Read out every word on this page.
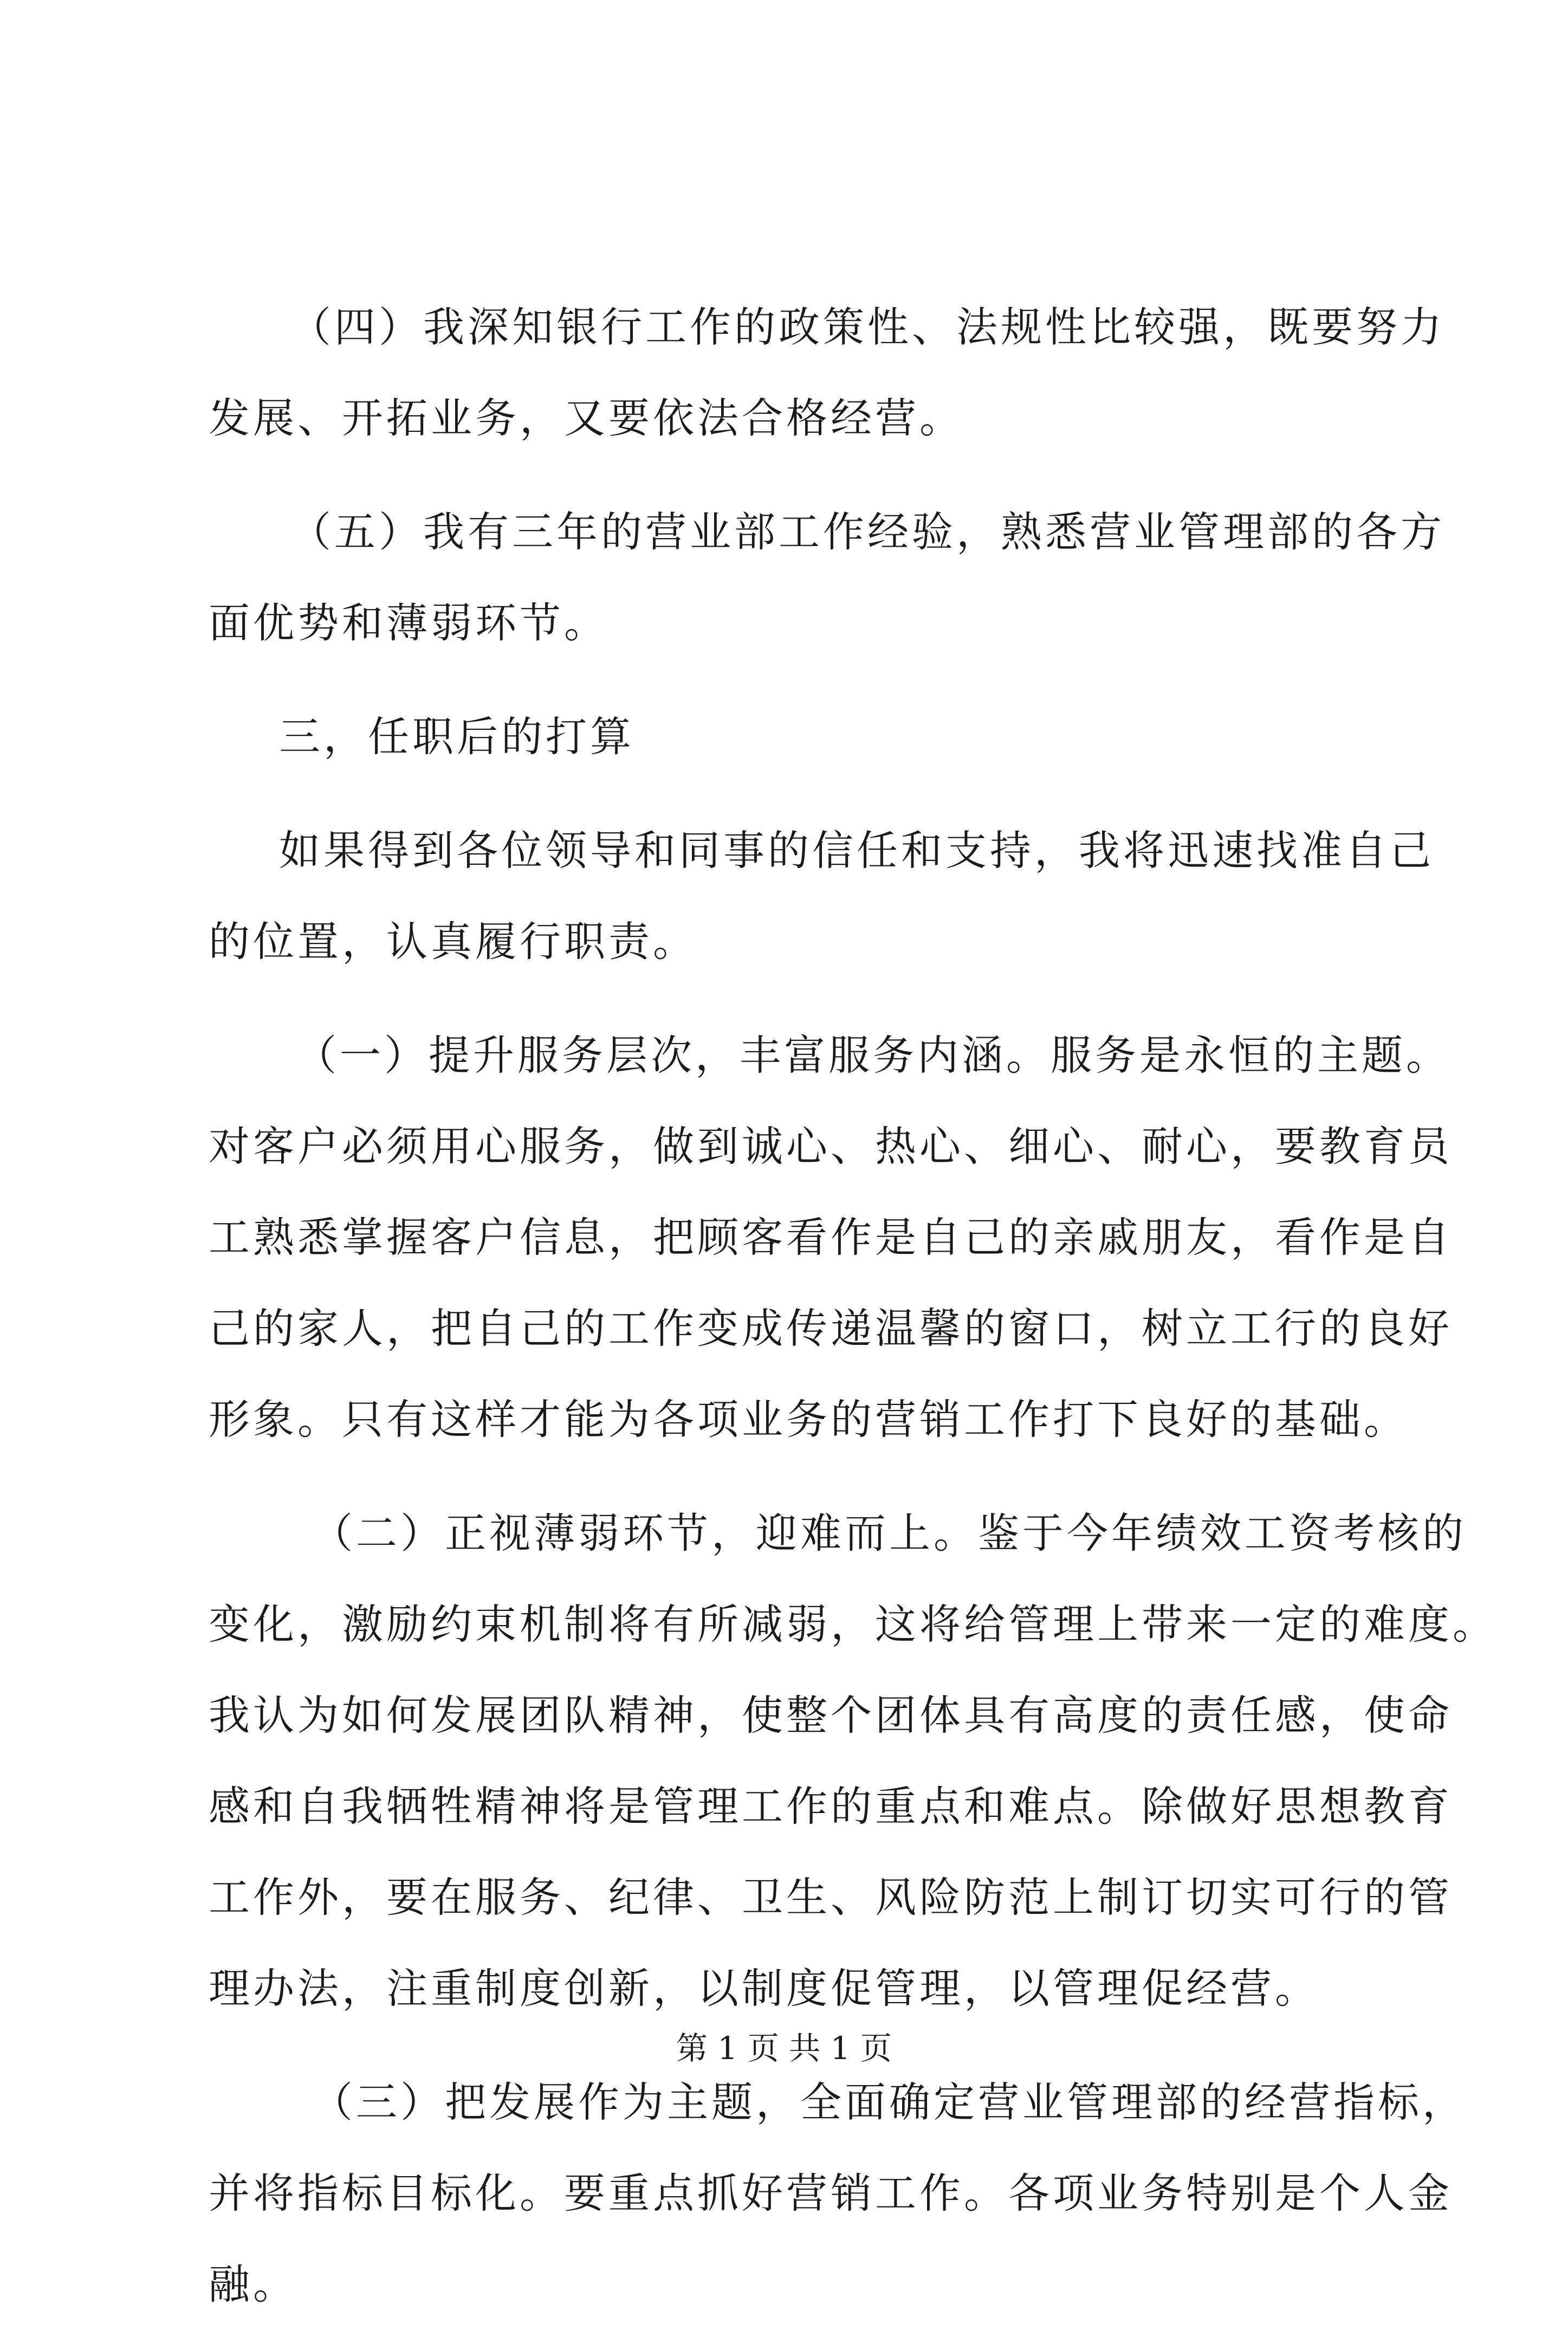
（四）我深知银行工作的政策性、法规性比较强，既要努力
发展、开拓业务，又要依法合格经营。
（五）我有三年的营业部工作经验，熟悉营业管理部的各方
面优势和薄弱环节。
三，任职后的打算
如果得到各位领导和同事的信任和支持，我将迅速找准自己
的位置，认真履行职责。
（一）提升服务层次，丰富服务内涵。服务是永恒的主题。
对客户必须用心服务，做到诚心、热心、细心、耐心，要教育员
工熟悉掌握客户信息，把顾客看作是自己的亲戚朋友，看作是自
己的家人，把自己的工作变成传递温馨的窗口，树立工行的良好
形象。只有这样才能为各项业务的营销工作打下良好的基础。
（二）正视薄弱环节，迎难而上。鉴于今年绩效工资考核的
变化，激励约束机制将有所减弱，这将给管理上带来一定的难度。
我认为如何发展团队精神，使整个团体具有高度的责任感，使命
感和自我牺牲精神将是管理工作的重点和难点。除做好思想教育
工作外，要在服务、纪律、卫生、风险防范上制订切实可行的管
理办法，注重制度创新，以制度促管理，以管理促经营。
（三）把发展作为主题，全面确定营业管理部的经营指标，
并将指标目标化。要重点抓好营销工作。各项业务特别是个人金
融。
第 1 页 共 1 页
